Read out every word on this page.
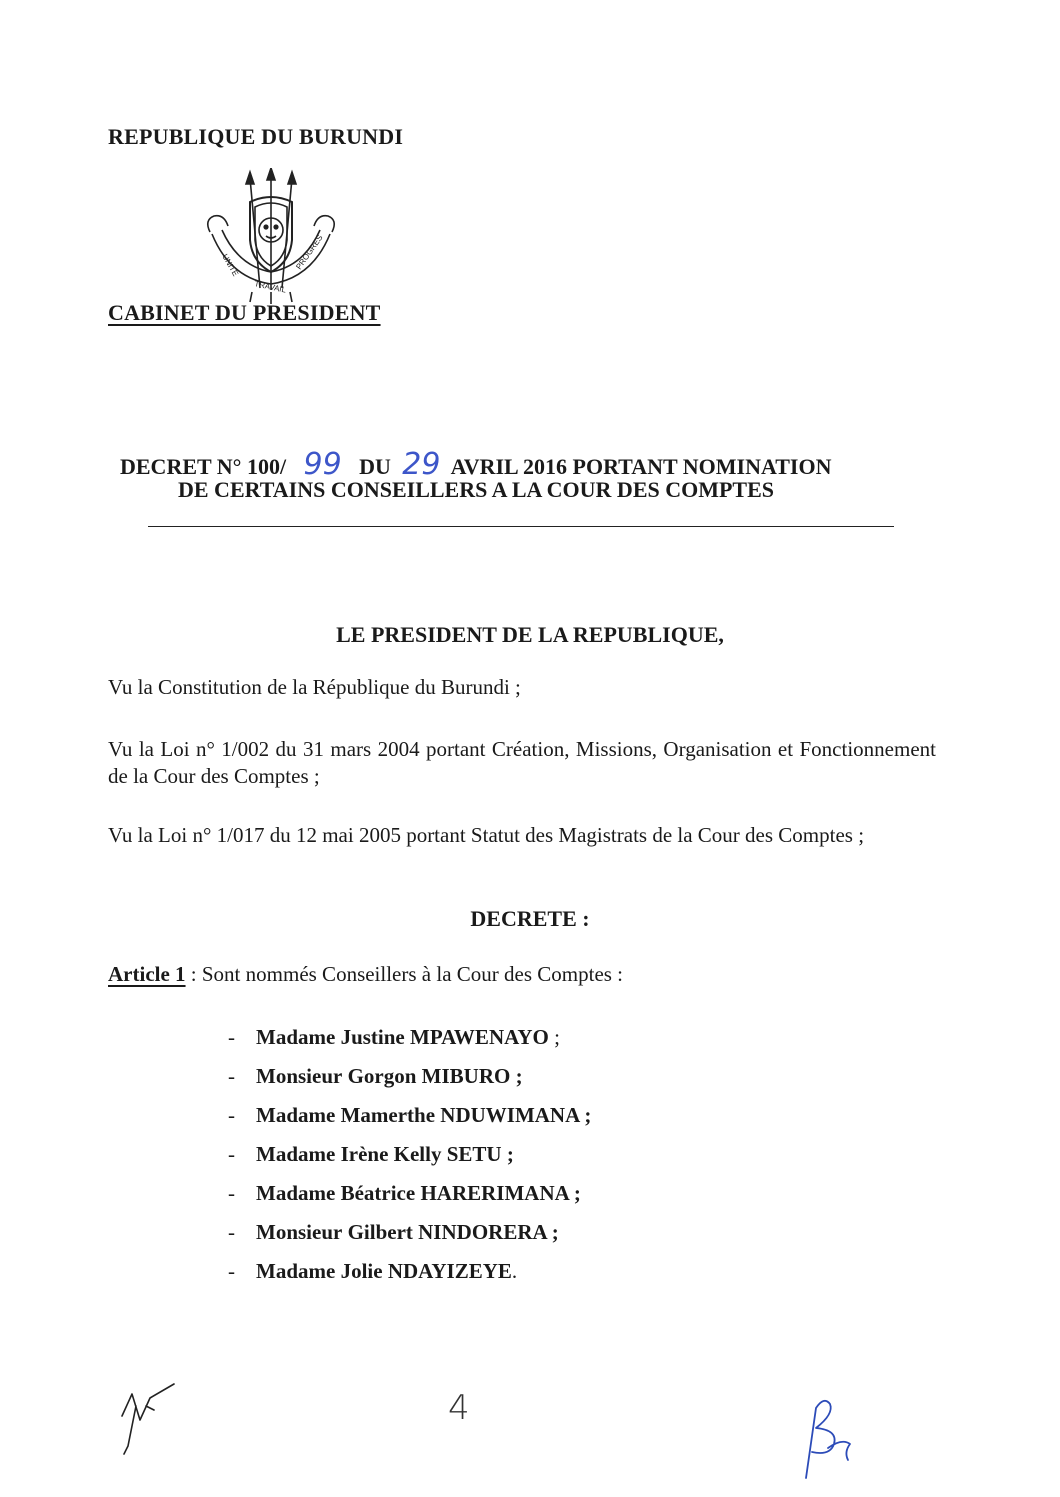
REPUBLIQUE DU BURUNDI
UNITE
TRAVAIL
PROGRES
CABINET DU PRESIDENT
DECRET N° 100/ 99 DU 29 AVRIL 2016 PORTANT NOMINATION
DE CERTAINS CONSEILLERS A LA COUR DES COMPTES
LE PRESIDENT DE LA REPUBLIQUE,
Vu la Constitution de la République du Burundi ;
Vu la Loi n° 1/002 du 31 mars 2004 portant Création, Missions, Organisation et Fonctionnement de la Cour des Comptes ;
Vu la Loi n° 1/017 du 12 mai 2005 portant Statut des Magistrats de la Cour des Comptes ;
DECRETE :
Article 1 : Sont nommés Conseillers à la Cour des Comptes :
- Madame Justine MPAWENAYO ;
- Monsieur Gorgon MIBURO ;
- Madame Mamerthe NDUWIMANA ;
- Madame Irène Kelly SETU ;
- Madame Béatrice HARERIMANA ;
- Monsieur Gilbert NINDORERA ;
- Madame Jolie NDAYIZEYE.
4
